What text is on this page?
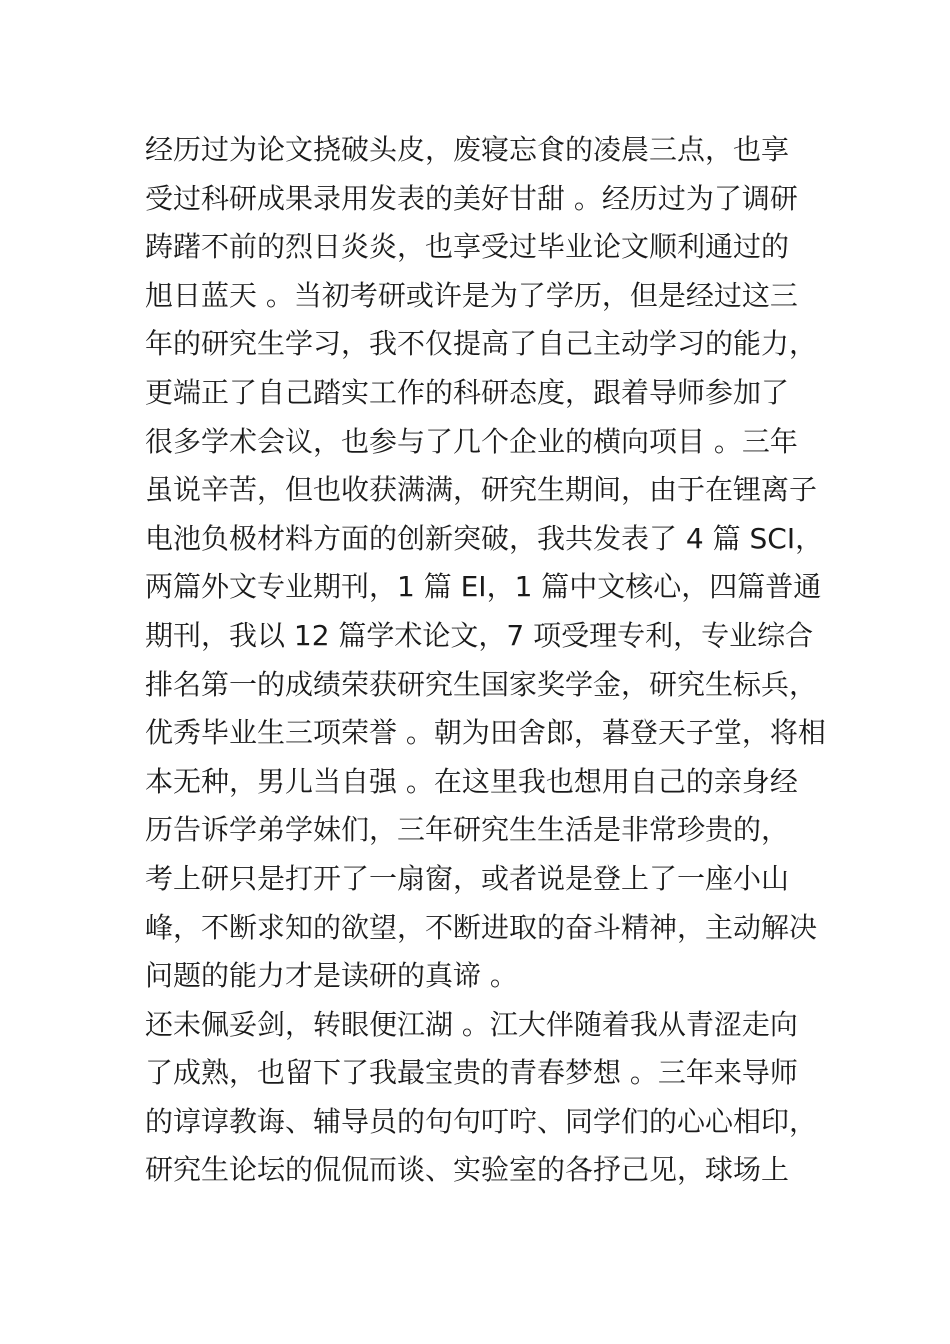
经历过为论文挠破头皮，废寝忘食的凌晨三点，也享
受过科研成果录用发表的美好甘甜 。经历过为了调研
踌躇不前的烈日炎炎，也享受过毕业论文顺利通过的
旭日蓝天 。当初考研或许是为了学历，但是经过这三
年的研究生学习，我不仅提高了自己主动学习的能力，
更端正了自己踏实工作的科研态度，跟着导师参加了
很多学术会议，也参与了几个企业的横向项目 。三年
虽说辛苦，但也收获满满，研究生期间，由于在锂离子
电池负极材料方面的创新突破，我共发表了 4 篇 SCI，
两篇外文专业期刊，1 篇 EI，1 篇中文核心，四篇普通
期刊，我以 12 篇学术论文，7 项受理专利，专业综合
排名第一的成绩荣获研究生国家奖学金，研究生标兵，
优秀毕业生三项荣誉 。朝为田舍郎，暮登天子堂，将相
本无种，男儿当自强 。在这里我也想用自己的亲身经
历告诉学弟学妹们，三年研究生生活是非常珍贵的，
考上研只是打开了一扇窗，或者说是登上了一座小山
峰，不断求知的欲望，不断进取的奋斗精神，主动解决
问题的能力才是读研的真谛 。
还未佩妥剑，转眼便江湖 。江大伴随着我从青涩走向
了成熟，也留下了我最宝贵的青春梦想 。三年来导师
的谆谆教诲、辅导员的句句叮咛、同学们的心心相印，
研究生论坛的侃侃而谈、实验室的各抒己见，球场上
